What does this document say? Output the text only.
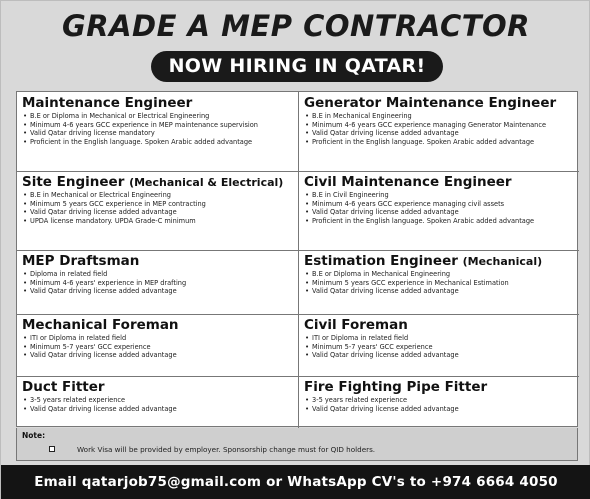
GRADE A MEP CONTRACTOR
NOW HIRING IN QATAR!
Maintenance Engineer
• B.E or Diploma in Mechanical or Electrical Engineering
• Minimum 4-6 years GCC experience in MEP maintenance supervision
• Valid Qatar driving license mandatory
• Proficient in the English language. Spoken Arabic added advantage
Generator Maintenance Engineer
• B.E in Mechanical Engineering
• Minimum 4-6 years GCC experience managing Generator Maintenance
• Valid Qatar driving license added advantage
• Proficient in the English language. Spoken Arabic added advantage
Site Engineer (Mechanical & Electrical)
• B.E in Mechanical or Electrical Engineering
• Minimum 5 years GCC experience in MEP contracting
• Valid Qatar driving license added advantage
• UPDA license mandatory. UPDA Grade-C minimum
Civil Maintenance Engineer
• B.E in Civil Engineering
• Minimum 4-6 years GCC experience managing civil assets
• Valid Qatar driving license added advantage
• Proficient in the English language. Spoken Arabic added advantage
MEP Draftsman
• Diploma in related field
• Minimum 4-6 years' experience in MEP drafting
• Valid Qatar driving license added advantage
Estimation Engineer (Mechanical)
• B.E or Diploma in Mechanical Engineering
• Minimum 5 years GCC experience in Mechanical Estimation
• Valid Qatar driving license added advantage
Mechanical Foreman
• ITI or Diploma in related field
• Minimum 5-7 years' GCC experience
• Valid Qatar driving license added advantage
Civil Foreman
• ITI or Diploma in related field
• Minimum 5-7 years' GCC experience
• Valid Qatar driving license added advantage
Duct Fitter
• 3-5 years related experience
• Valid Qatar driving license added advantage
Fire Fighting Pipe Fitter
• 3-5 years related experience
• Valid Qatar driving license added advantage
Note:
Work Visa will be provided by employer. Sponsorship change must for QID holders.
Email qatarjob75@gmail.com or WhatsApp CV's to +974 6664 4050
